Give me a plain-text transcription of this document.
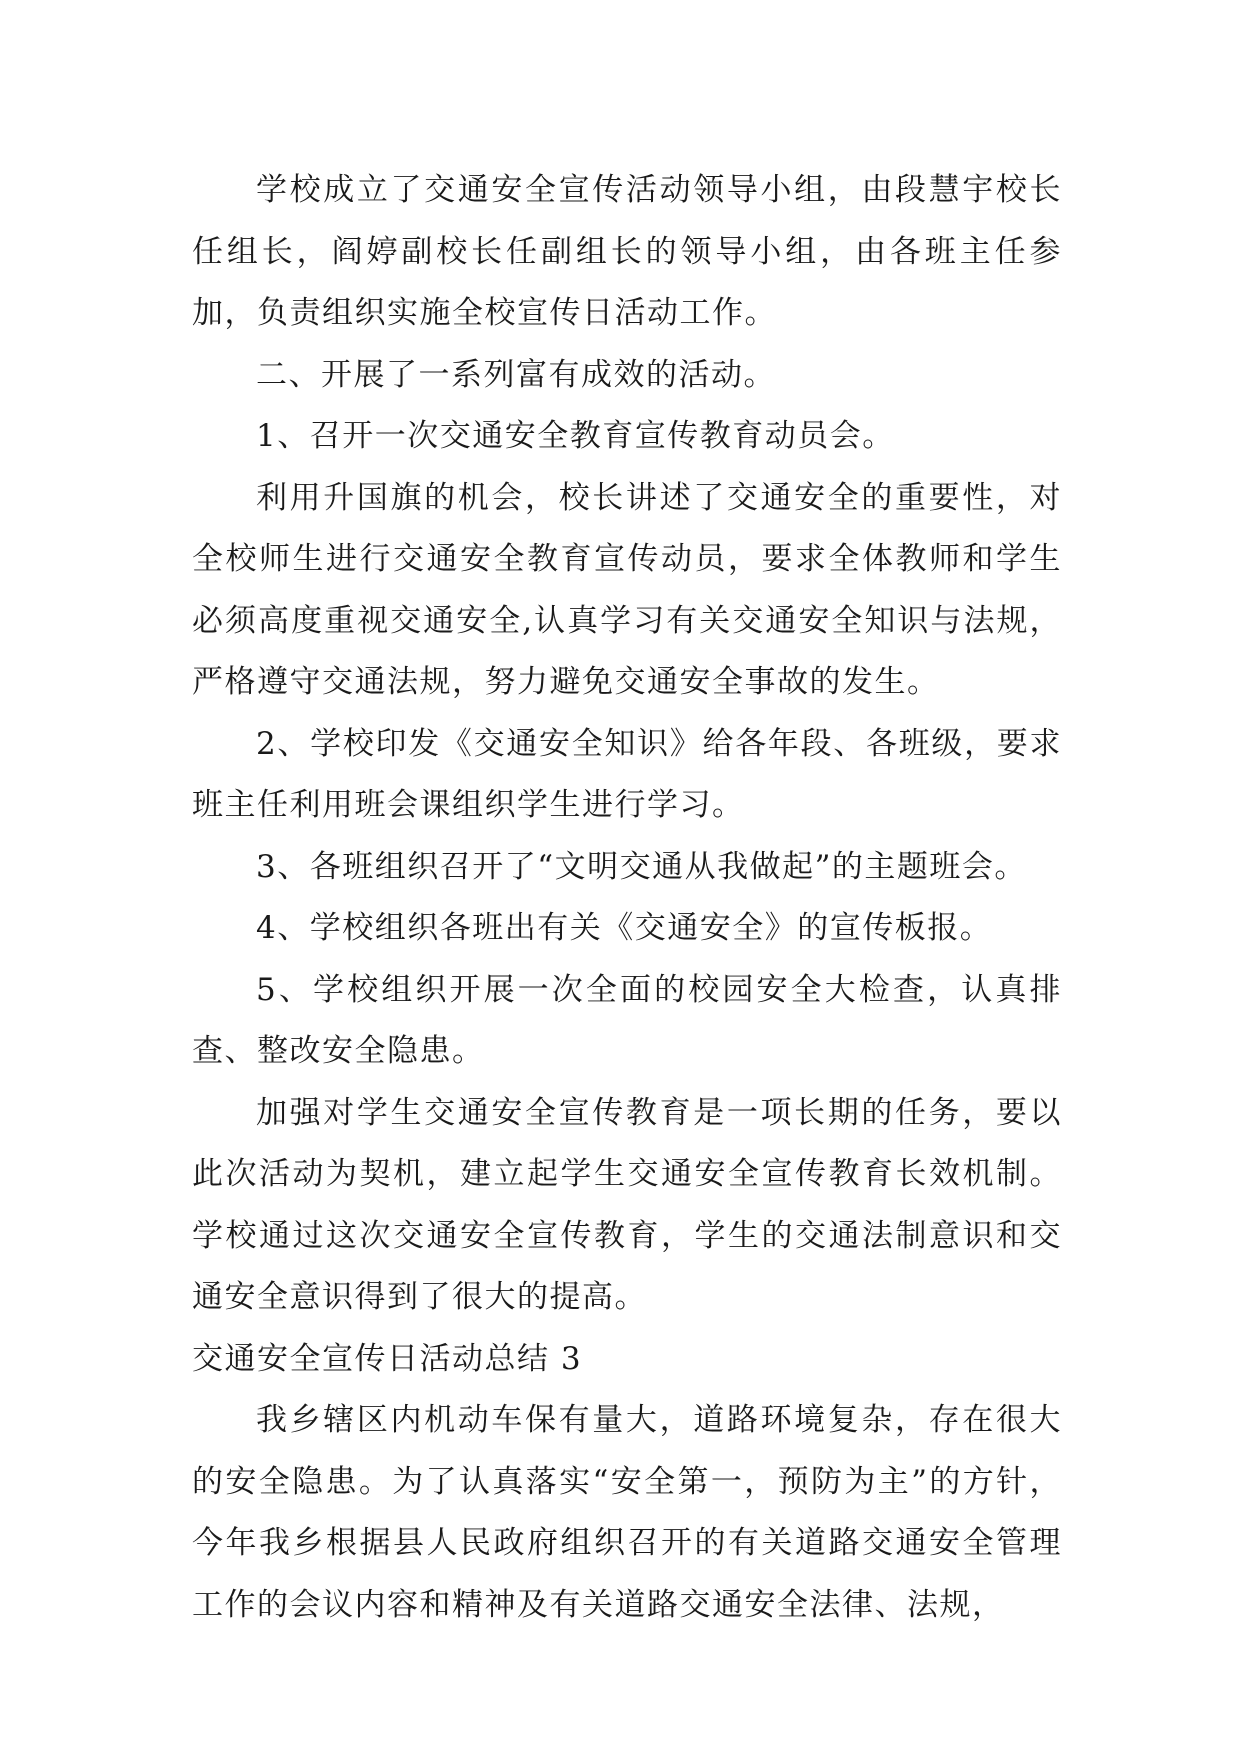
学校成立了交通安全宣传活动领导小组，由段慧宇校长任组长，阎婷副校长任副组长的领导小组，由各班主任参加，负责组织实施全校宣传日活动工作。

二、开展了一系列富有成效的活动。

1、召开一次交通安全教育宣传教育动员会。

利用升国旗的机会，校长讲述了交通安全的重要性，对全校师生进行交通安全教育宣传动员，要求全体教师和学生必须高度重视交通安全,认真学习有关交通安全知识与法规，严格遵守交通法规，努力避免交通安全事故的发生。

2、学校印发《交通安全知识》给各年段、各班级，要求班主任利用班会课组织学生进行学习。

3、各班组织召开了“文明交通从我做起”的主题班会。

4、学校组织各班出有关《交通安全》的宣传板报。

5、学校组织开展一次全面的校园安全大检查，认真排查、整改安全隐患。

加强对学生交通安全宣传教育是一项长期的任务，要以此次活动为契机，建立起学生交通安全宣传教育长效机制。学校通过这次交通安全宣传教育，学生的交通法制意识和交通安全意识得到了很大的提高。

交通安全宣传日活动总结 3

我乡辖区内机动车保有量大，道路环境复杂，存在很大的安全隐患。为了认真落实“安全第一，预防为主”的方针，今年我乡根据县人民政府组织召开的有关道路交通安全管理工作的会议内容和精神及有关道路交通安全法律、法规，
